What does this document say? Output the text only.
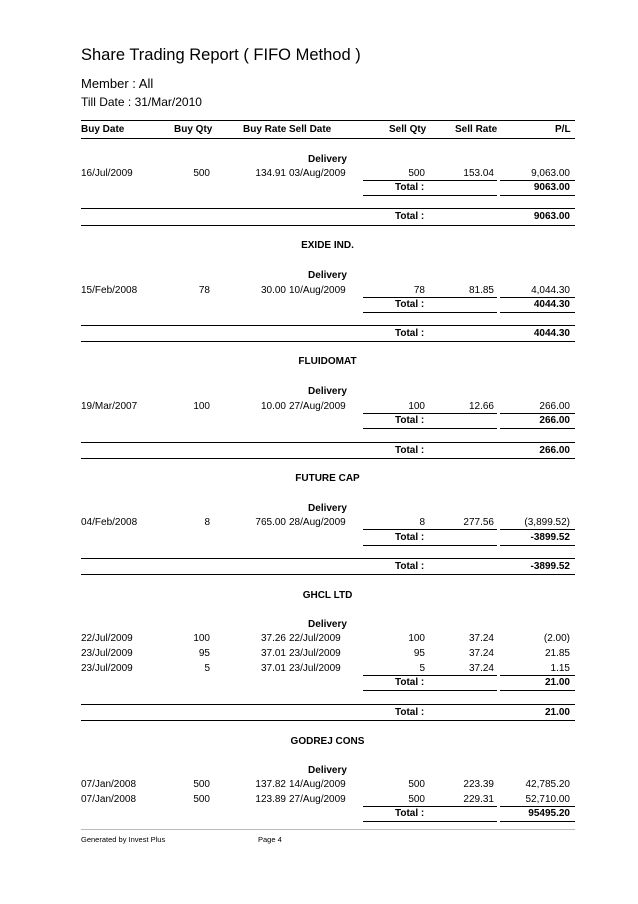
Share Trading Report ( FIFO Method )
Member : All
Till Date : 31/Mar/2010
Buy Date	Buy Qty	Buy Rate Sell Date	Sell Qty	Sell Rate	P/L
Delivery
16/Jul/2009	500	134.91 03/Aug/2009	500	153.04	9,063.00
Total :	9063.00
Total :	9063.00
EXIDE IND.
Delivery
15/Feb/2008	78	30.00 10/Aug/2009	78	81.85	4,044.30
Total :	4044.30
Total :	4044.30
FLUIDOMAT
Delivery
19/Mar/2007	100	10.00 27/Aug/2009	100	12.66	266.00
Total :	266.00
Total :	266.00
FUTURE CAP
Delivery
04/Feb/2008	8	765.00 28/Aug/2009	8	277.56	(3,899.52)
Total :	-3899.52
Total :	-3899.52
GHCL LTD
Delivery
22/Jul/2009	100	37.26 22/Jul/2009	100	37.24	(2.00)
23/Jul/2009	95	37.01 23/Jul/2009	95	37.24	21.85
23/Jul/2009	5	37.01 23/Jul/2009	5	37.24	1.15
Total :	21.00
Total :	21.00
GODREJ CONS
Delivery
07/Jan/2008	500	137.82 14/Aug/2009	500	223.39	42,785.20
07/Jan/2008	500	123.89 27/Aug/2009	500	229.31	52,710.00
Total :	95495.20
Generated by Invest Plus	Page 4
